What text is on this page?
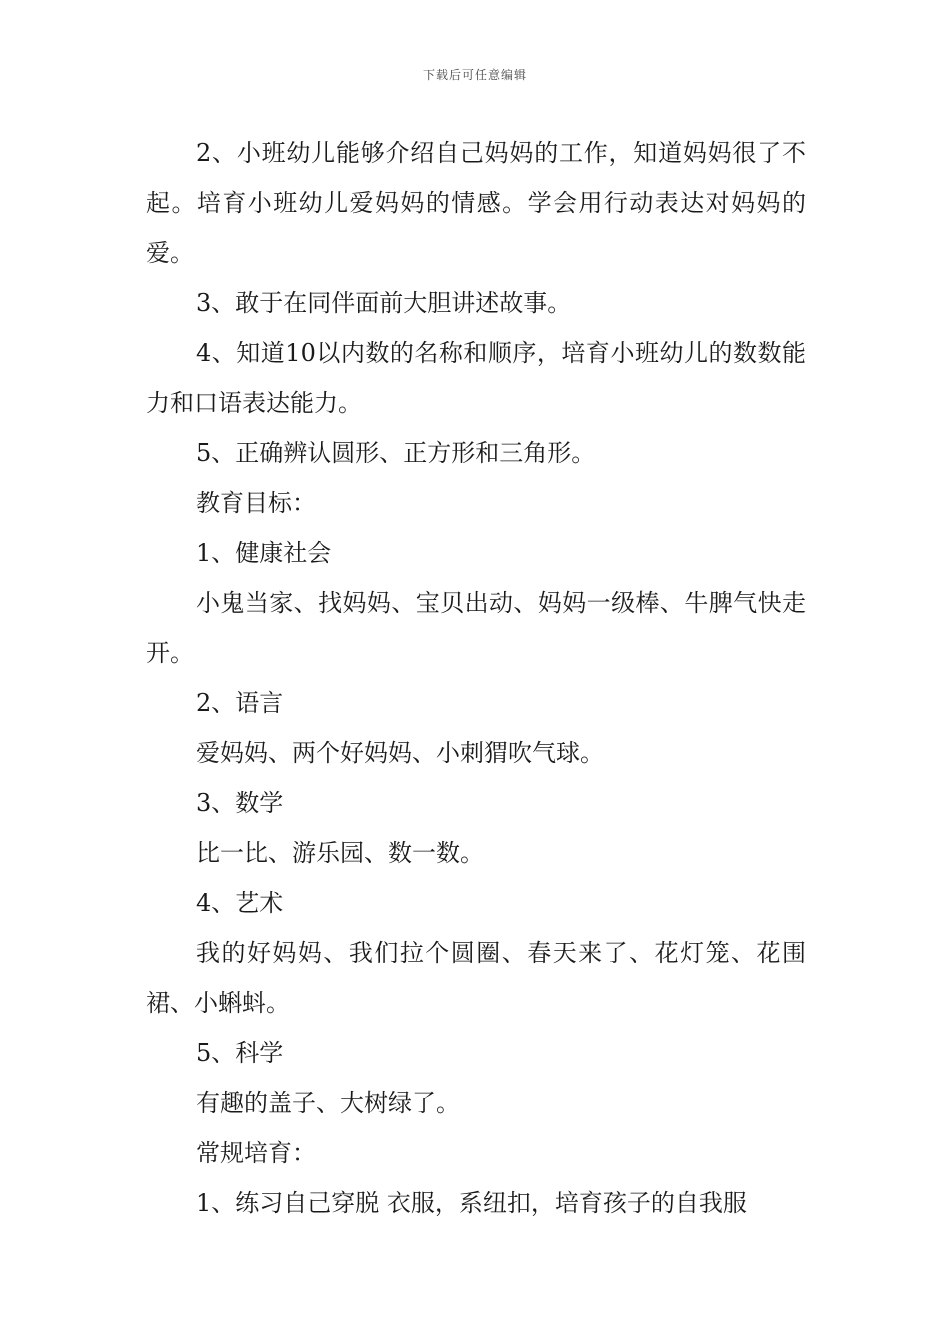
下载后可任意编辑

2、小班幼儿能够介绍自己妈妈的工作，知道妈妈很了不起。培育小班幼儿爱妈妈的情感。学会用行动表达对妈妈的爱。

3、敢于在同伴面前大胆讲述故事。

4、知道10以内数的名称和顺序，培育小班幼儿的数数能力和口语表达能力。

5、正确辨认圆形、正方形和三角形。

教育目标：

1、健康社会

小鬼当家、找妈妈、宝贝出动、妈妈一级棒、牛脾气快走开。

2、语言

爱妈妈、两个好妈妈、小刺猬吹气球。

3、数学

比一比、游乐园、数一数。

4、艺术

我的好妈妈、我们拉个圆圈、春天来了、花灯笼、花围裙、小蝌蚪。

5、科学

有趣的盖子、大树绿了。

常规培育：

1、练习自己穿脱 衣服，系纽扣，培育孩子的自我服
